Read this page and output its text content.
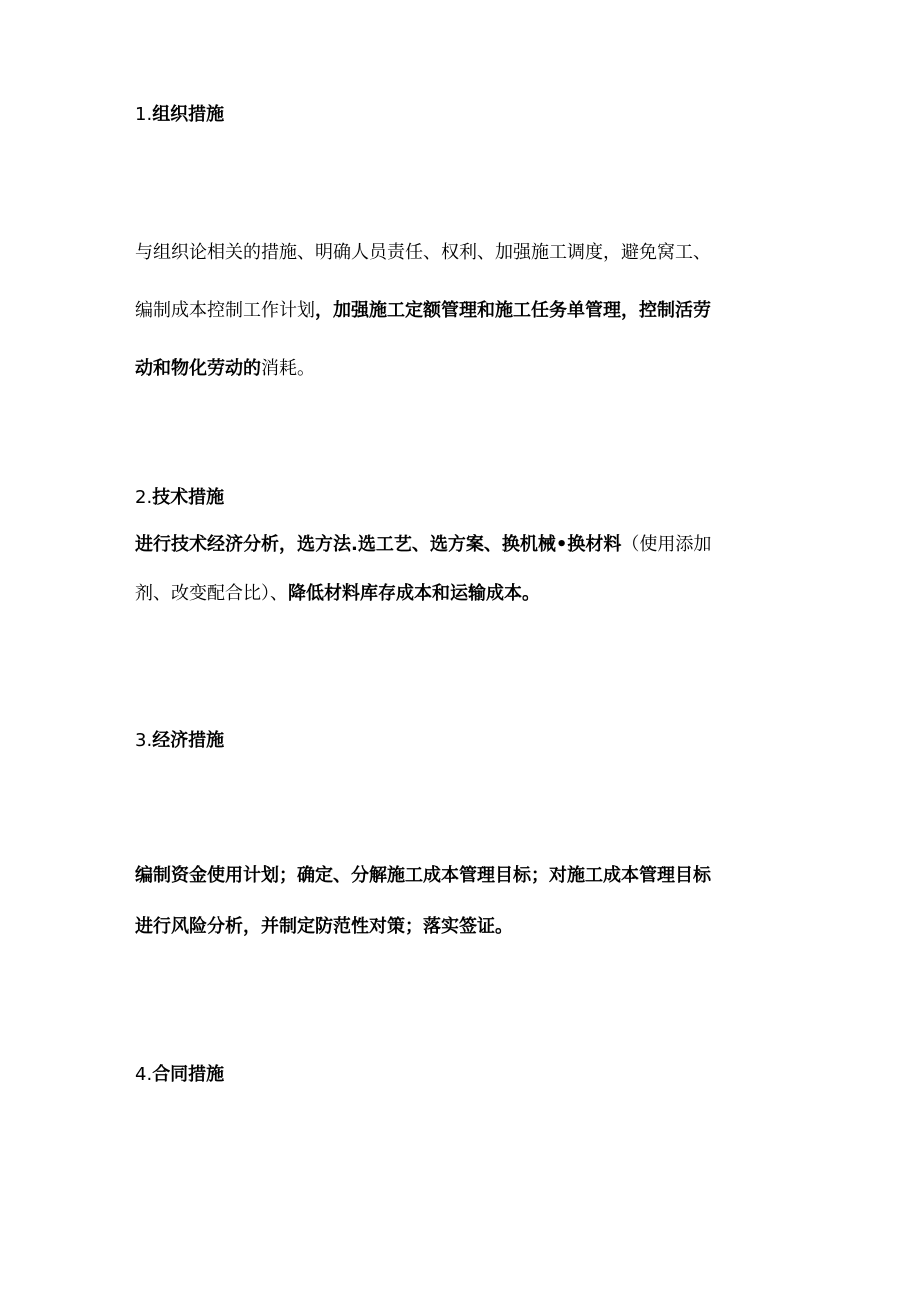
1.组织措施
与组织论相关的措施、明确人员责任、权利、加强施工调度，避免窝工、
编制成本控制工作计划，加强施工定额管理和施工任务单管理，控制活劳
动和物化劳动的消耗。
2.技术措施
进行技术经济分析，选方法.选工艺、选方案、换机械•换材料（使用添加
剂、改变配合比）、降低材料库存成本和运输成本。
3.经济措施
编制资金使用计划；确定、分解施工成本管理目标；对施工成本管理目标
进行风险分析，并制定防范性对策；落实签证。
4.合同措施
